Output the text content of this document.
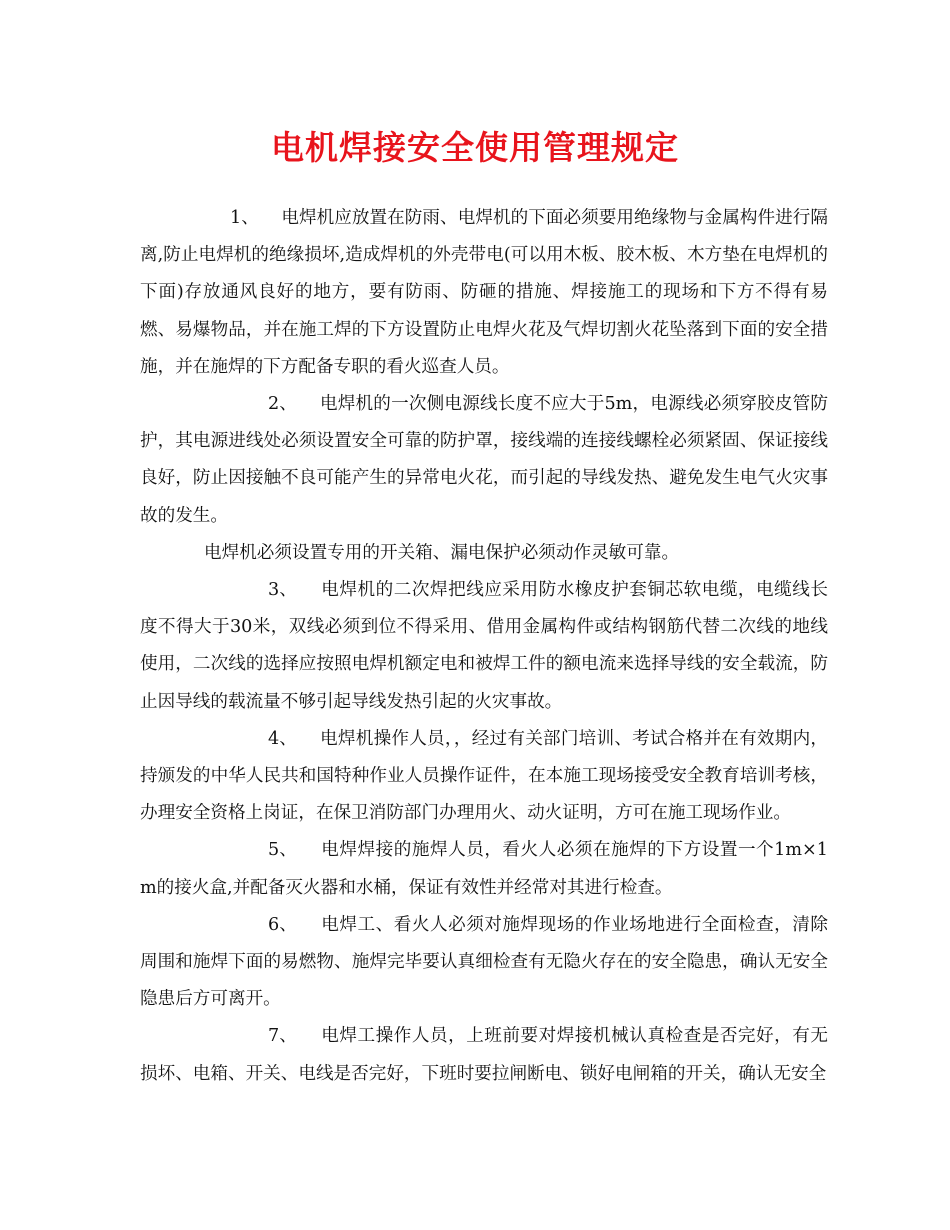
电机焊接安全使用管理规定

1、 电焊机应放置在防雨、电焊机的下面必须要用绝缘物与金属构件进行隔离,防止电焊机的绝缘损坏,造成焊机的外壳带电(可以用木板、胶木板、木方垫在电焊机的下面)存放通风良好的地方，要有防雨、防砸的措施、焊接施工的现场和下方不得有易燃、易爆物品，并在施工焊的下方设置防止电焊火花及气焊切割火花坠落到下面的安全措施，并在施焊的下方配备专职的看火巡查人员。

2、 电焊机的一次侧电源线长度不应大于5m，电源线必须穿胶皮管防护，其电源进线处必须设置安全可靠的防护罩，接线端的连接线螺栓必须紧固、保证接线良好，防止因接触不良可能产生的异常电火花，而引起的导线发热、避免发生电气火灾事故的发生。

电焊机必须设置专用的开关箱、漏电保护必须动作灵敏可靠。

3、 电焊机的二次焊把线应采用防水橡皮护套铜芯软电缆，电缆线长度不得大于30米，双线必须到位不得采用、借用金属构件或结构钢筋代替二次线的地线使用，二次线的选择应按照电焊机额定电和被焊工件的额电流来选择导线的安全载流，防止因导线的载流量不够引起导线发热引起的火灾事故。

4、 电焊机操作人员，，经过有关部门培训、考试合格并在有效期内，持颁发的中华人民共和国特种作业人员操作证件，在本施工现场接受安全教育培训考核，办理安全资格上岗证，在保卫消防部门办理用火、动火证明，方可在施工现场作业。

5、 电焊焊接的施焊人员，看火人必须在施焊的下方设置一个1m×1m的接火盒,并配备灭火器和水桶，保证有效性并经常对其进行检查。

6、 电焊工、看火人必须对施焊现场的作业场地进行全面检查，清除周围和施焊下面的易燃物、施焊完毕要认真细检查有无隐火存在的安全隐患，确认无安全隐患后方可离开。

7、 电焊工操作人员，上班前要对焊接机械认真检查是否完好，有无损坏、电箱、开关、电线是否完好，下班时要拉闸断电、锁好电闸箱的开关，确认无安全
